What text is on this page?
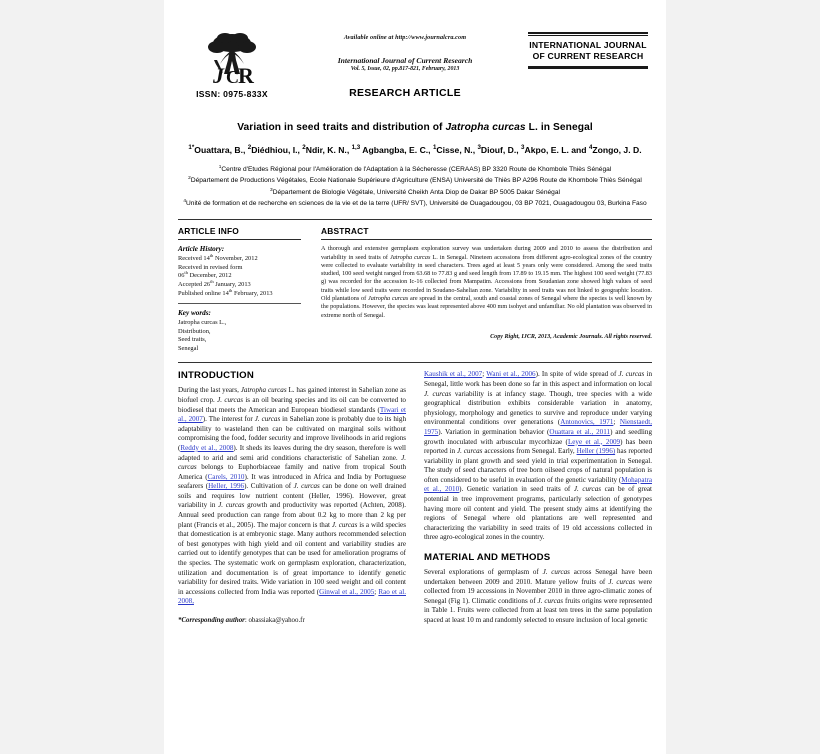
J C R
ISSN: 0975-833X
Available online at http://www.journalcra.com
International Journal of Current Research
Vol. 5, Issue, 02, pp.817-821, February, 2013
RESEARCH ARTICLE
INTERNATIONAL JOURNAL
OF CURRENT RESEARCH
Variation in seed traits and distribution of Jatropha curcas L. in Senegal
$^{1*}$Ouattara, B., $^2$Diédhiou, I., $^2$Ndir, K. N., $^{1,3}$ Agbangba, E. C., $^1$Cisse, N., $^3$Diouf, D., $^3$Akpo, E. L. and $^4$Zongo, J. D.

$^1$Centre d'Etudes Régional pour l'Amélioration de l'Adaptation à la Sécheresse (CERAAS) BP 3320 Route de Khombole Thiès Sénégal

$^2$Département de Productions Végétales, Ecole Nationale Supérieure d'Agriculture (ENSA) Université de Thiès BP A296 Route de Khombole Thiès Sénégal

$^3$Département de Biologie Végétale, Université Cheikh Anta Diop de Dakar BP 5005 Dakar Sénégal

$^4$Unité de formation et de recherche en sciences de la vie et de la terre (UFR/ SVT), Université de Ouagadougou, 03 BP 7021, Ouagadougou 03, Burkina Faso

ARTICLE INFO
Article History:
Received 14th November, 2012
Received in revised form
06th December, 2012
Accepted 26th January, 2013
Published online 14th February, 2013
Key words:
Jatropha curcas L.,
Distribution,
Seed traits,
Senegal
ABSTRACT
A thorough and extensive germplasm exploration survey was undertaken during 2009 and 2010 to assess the distribution and variability in seed traits of Jatropha curcas L. in Senegal. Nineteen accessions from different agro-ecological zones of the country were collected to evaluate variability in seed characters. Trees aged at least 5 years only were considered. Among the seed traits studied, 100 seed weight ranged from 63.68 to 77.83 g and seed length from 17.89 to 19.15 mm. The highest 100 seed weight (77.83 g) was recorded for the accession Ic-16 collected from Mampatim. Accessions from Soudanian zone showed high values of seed traits while low seed traits were recorded in Soudano-Sahelian zone. Variability in seed traits was not linked to geographic location. Old plantations of Jatropha curcas are spread in the central, south and coastal zones of Senegal where the species is well known by the populations. However, the species was least represented above 400 mm isohyet and unfamiliar. No old plantation was observed in extreme north of Senegal.
Copy Right, IJCR, 2013, Academic Journals. All rights reserved.
INTRODUCTION

During the last years, Jatropha curcas L. has gained interest in Sahelian zone as biofuel crop. J. curcas is an oil bearing species and its oil can be converted to biodiesel that meets the American and European biodiesel standards (Tiwari et al., 2007). The interest for J. curcas in Sahelian zone is probably due to its high adaptability to wasteland then can be cultivated on marginal soils without compromising the food, fodder security and improve livelihoods in arid regions (Reddy et al., 2008). It sheds its leaves during the dry season, therefore is well adapted to arid and semi arid conditions characteristic of Sahelian zone. J. curcas belongs to Euphorbiaceae family and native from tropical South America (Carels, 2010). It was introduced in Africa and India by Portuguese seafarers (Heller, 1996). Cultivation of J. curcas can be done on well drained soils and requires low nutrient content (Heller, 1996). However, great variability in J. curcas growth and productivity was reported (Achten, 2008). Annual seed production can range from about 0.2 kg to more than 2 kg per plant (Francis et al., 2005). The major concern is that J. curcas is a wild species that domestication is at embryonic stage. Many authors recommended selection of best genotypes with high yield and oil content and variability studies are carried out to identify genotypes that can be used for amelioration programs of the species. The systematic work on germplasm exploration, characterization, utilization and documentation is of great importance to identify genetic variability for desired traits. Wide variation in 100 seed weight and oil content in accessions collected from India was reported (Ginwal et al., 2005; Rao et al. 2008,

*Corresponding author: obassiaka@yahoo.fr

Kaushik et al., 2007; Wani et al., 2006). In spite of wide spread of J. curcas in Senegal, little work has been done so far in this aspect and information on local J. curcas variability is at infancy stage. Though, tree species with a wide geographical distribution exhibits considerable variation in anatomy, physiology, morphology and genetics to survive and reproduce under varying environmental conditions over generations (Antonovics, 1971; Nienstaedt, 1975). Variation in germination behavior (Ouattara et al., 2011) and seedling growth inoculated with arbuscular mycorhizae (Leye et al., 2009) has been reported in J. curcas accessions from Senegal. Early, Heller (1996) has reported variability in plant growth and seed yield in trial experimentation in Senegal. The study of seed characters of tree born oilseed crops of natural population is often considered to be useful in evaluation of the genetic variability (Mohapatra et al., 2010). Genetic variation in seed traits of J. curcas can be of great potential in tree improvement programs, particularly selection of genotypes having more oil content and yield. The present study aims at identifying the regions of Senegal where old plantations are well represented and characterizing the variability in seed traits of 19 old accessions collected in three agro-ecological zones in the country.

MATERIAL AND METHODS

Several explorations of germplasm of J. curcas across Senegal have been undertaken between 2009 and 2010. Mature yellow fruits of J. curcas were collected from 19 accessions in November 2010 in three agro-climatic zones of Senegal (Fig 1). Climatic conditions of J. curcas fruits origins were represented in Table 1. Fruits were collected from at least ten trees in the same population spaced at least 10 m and randomly selected to ensure inclusion of local genetic
